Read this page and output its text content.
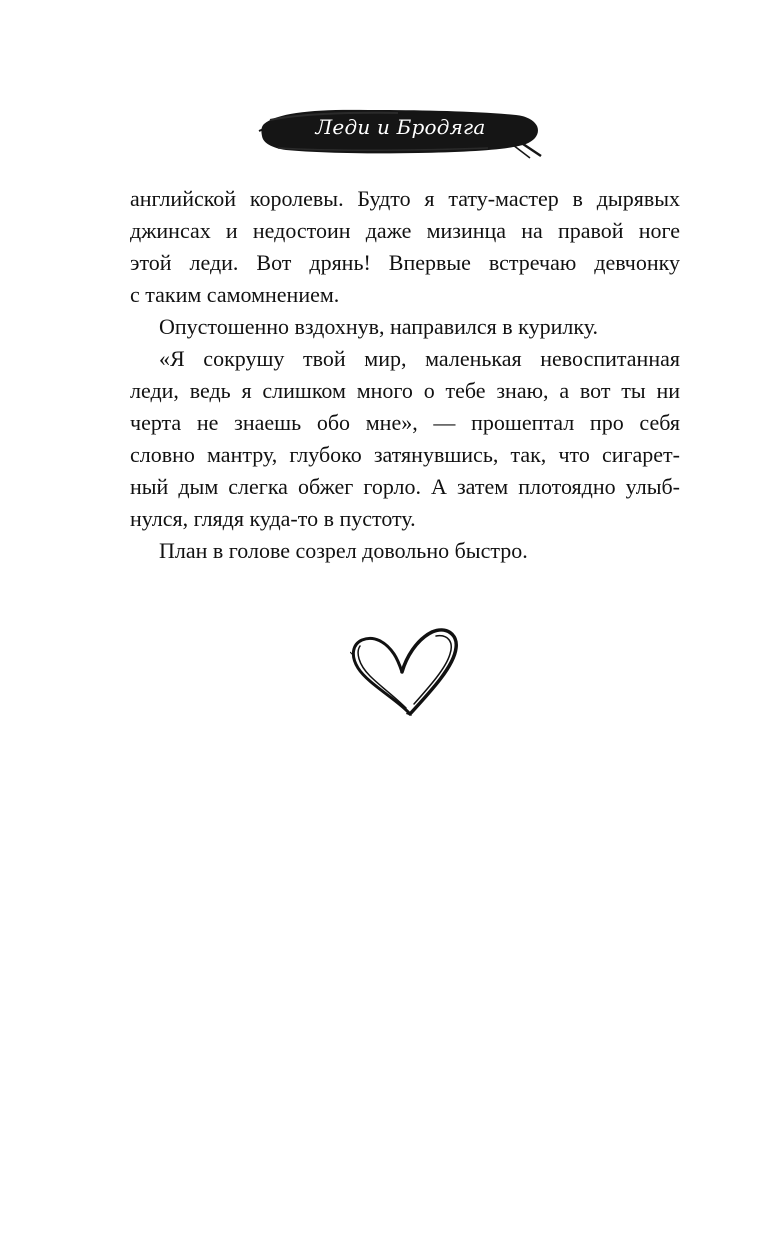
Леди и Бродяга
английской королевы. Будто я тату-мастер в дырявых
джинсах и недостоин даже мизинца на правой ноге
этой леди. Вот дрянь! Впервые встречаю девчонку
с таким самомнением.
Опустошенно вздохнув, направился в курилку.
«Я сокрушу твой мир, маленькая невоспитанная
леди, ведь я слишком много о тебе знаю, а вот ты ни
черта не знаешь обо мне», — прошептал про себя
словно мантру, глубоко затянувшись, так, что сигарет-
ный дым слегка обжег горло. А затем плотоядно улыб-
нулся, глядя куда-то в пустоту.
План в голове созрел довольно быстро.
